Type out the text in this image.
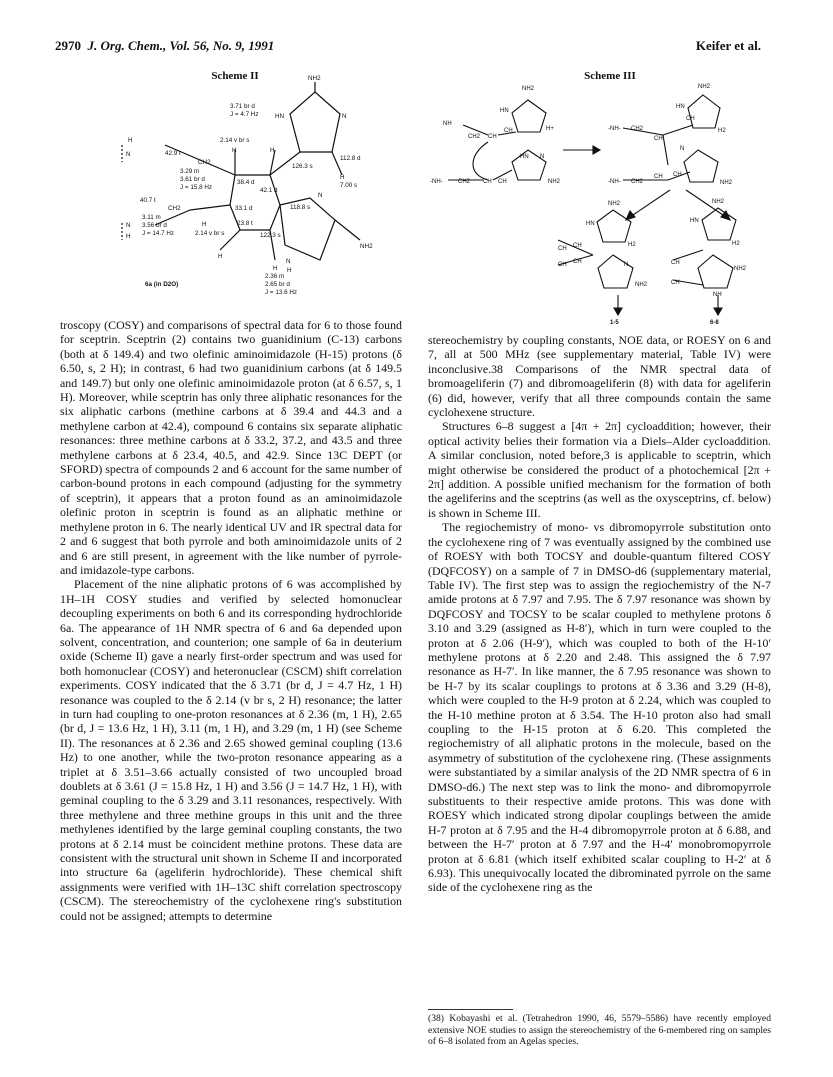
2970 J. Org. Chem., Vol. 56, No. 9, 1991	Keifer et al.
Scheme II	Scheme III
NH2
HN	N
3.71 br d
J = 4.7 Hz
2.14 v br s
H	H
H
N	42.9 t
CH2
3.29 m
3.61 br d
J = 15.8 Hz
38.4 d
42.1 d
126.3 s
112.8 d
H
7.00 s
40.7 t
CH2
3.11 m
3.56 br d
J = 14.7 Hz
N
H	2.14 v br s
H
33.1 d	118.8 s
23.8 t
122.3 s
N
NH2
N
H
H
H
2.36 m
2.65 br d
J = 13.6 Hz
6a (in D2O)
NH2
HN
H+
NH
CH2 CH
CH
NH2
HN N
-NH-	CH2 CH CH
NH2
HN
H2
-NH- CH2
CH
CH
N
NH2
-NH- CH2
CH CH
NH2
HN
H2
CH CH
CH CH	N
NH2
1-5
NH2
HN
H2
CH
CH
NH
NH2
6-8

troscopy (COSY) and comparisons of spectral data for 6 to those found for sceptrin. Sceptrin (2) contains two guanidinium (C-13) carbons (both at δ 149.4) and two olefinic aminoimidazole (H-15) protons (δ 6.50, s, 2 H); in contrast, 6 had two guanidinium carbons (at δ 149.5 and 149.7) but only one olefinic aminoimidazole proton (at δ 6.57, s, 1 H). Moreover, while sceptrin has only three aliphatic resonances for the six aliphatic carbons (methine carbons at δ 39.4 and 44.3 and a methylene carbon at 42.4), compound 6 contains six separate aliphatic resonances: three methine carbons at δ 33.2, 37.2, and 43.5 and three methylene carbons at δ 23.4, 40.5, and 42.9. Since 13C DEPT (or SFORD) spectra of compounds 2 and 6 account for the same number of carbon-bound protons in each compound (adjusting for the symmetry of sceptrin), it appears that a proton found as an aminoimidazole olefinic proton in sceptrin is found as an aliphatic methine or methylene proton in 6. The nearly identical UV and IR spectral data for 2 and 6 suggest that both pyrrole and both aminoimidazole units of 2 and 6 are still present, in agreement with the like number of pyrrole- and imidazole-type carbons.

Placement of the nine aliphatic protons of 6 was accomplished by 1H–1H COSY studies and verified by selected homonuclear decoupling experiments on both 6 and its corresponding hydrochloride 6a. The appearance of 1H NMR spectra of 6 and 6a depended upon solvent, concentration, and counterion; one sample of 6a in deuterium oxide (Scheme II) gave a nearly first-order spectrum and was used for both homonuclear (COSY) and heteronuclear (CSCM) shift correlation experiments. COSY indicated that the δ 3.71 (br d, J = 4.7 Hz, 1 H) resonance was coupled to the δ 2.14 (v br s, 2 H) resonance; the latter in turn had coupling to one-proton resonances at δ 2.36 (m, 1 H), 2.65 (br d, J = 13.6 Hz, 1 H), 3.11 (m, 1 H), and 3.29 (m, 1 H) (see Scheme II). The resonances at δ 2.36 and 2.65 showed geminal coupling (13.6 Hz) to one another, while the two-proton resonance appearing as a triplet at δ 3.51–3.66 actually consisted of two uncoupled broad doublets at δ 3.61 (J = 15.8 Hz, 1 H) and 3.56 (J = 14.7 Hz, 1 H), with geminal coupling to the δ 3.29 and 3.11 resonances, respectively. With three methylene and three methine groups in this unit and the three methylenes identified by the large geminal coupling constants, the two protons at δ 2.14 must be coincident methine protons. These data are consistent with the structural unit shown in Scheme II and incorporated into structure 6a (ageliferin hydrochloride). These chemical shift assignments were verified with 1H–13C shift correlation spectroscopy (CSCM). The stereochemistry of the cyclohexene ring's substitution could not be assigned; attempts to determine

stereochemistry by coupling constants, NOE data, or ROESY on 6 and 7, all at 500 MHz (see supplementary material, Table IV) were inconclusive.38 Comparisons of the NMR spectral data of bromoageliferin (7) and dibromoageliferin (8) with data for ageliferin (6) did, however, verify that all three compounds contain the same cyclohexene structure.

Structures 6–8 suggest a [4π + 2π] cycloaddition; however, their optical activity belies their formation via a Diels–Alder cycloaddition. A similar conclusion, noted before,3 is applicable to sceptrin, which might otherwise be considered the product of a photochemical [2π + 2π] addition. A possible unified mechanism for the formation of both the ageliferins and the sceptrins (as well as the oxysceptrins, cf. below) is shown in Scheme III.

The regiochemistry of mono- vs dibromopyrrole substitution onto the cyclohexene ring of 7 was eventually assigned by the combined use of ROESY with both TOCSY and double-quantum filtered COSY (DQFCOSY) on a sample of 7 in DMSO-d6 (supplementary material, Table IV). The first step was to assign the regiochemistry of the N-7 amide protons at δ 7.97 and 7.95. The δ 7.97 resonance was shown by DQFCOSY and TOCSY to be scalar coupled to methylene protons δ 3.10 and 3.29 (assigned as H-8′), which in turn were coupled to the proton at δ 2.06 (H-9′), which was coupled to both of the H-10′ methylene protons at δ 2.20 and 2.48. This assigned the δ 7.97 resonance as H-7′. In like manner, the δ 7.95 resonance was shown to be H-7 by its scalar couplings to protons at δ 3.36 and 3.29 (H-8), which were coupled to the H-9 proton at δ 2.24, which was coupled to the H-10 methine proton at δ 3.54. The H-10 proton also had small coupling to the H-15 proton at δ 6.20. This completed the regiochemistry of all aliphatic protons in the molecule, based on the asymmetry of substitution of the cyclohexene ring. (These assignments were substantiated by a similar analysis of the 2D NMR spectra of 6 in DMSO-d6.) The next step was to link the mono- and dibromopyrrole substituents to their respective amide protons. This was done with ROESY which indicated strong dipolar couplings between the amide H-7 proton at δ 7.95 and the H-4 dibromopyrrole proton at δ 6.88, and between the H-7′ proton at δ 7.97 and the H-4′ monobromopyrrole proton at δ 6.81 (which itself exhibited scalar coupling to H-2′ at δ 6.93). This unequivocally located the dibrominated pyrrole on the same side of the cyclohexene ring as the

(38) Kobayashi et al. (Tetrahedron 1990, 46, 5579–5586) have recently employed extensive NOE studies to assign the stereochemistry of the 6-membered ring on samples of 6–8 isolated from an Agelas species.
